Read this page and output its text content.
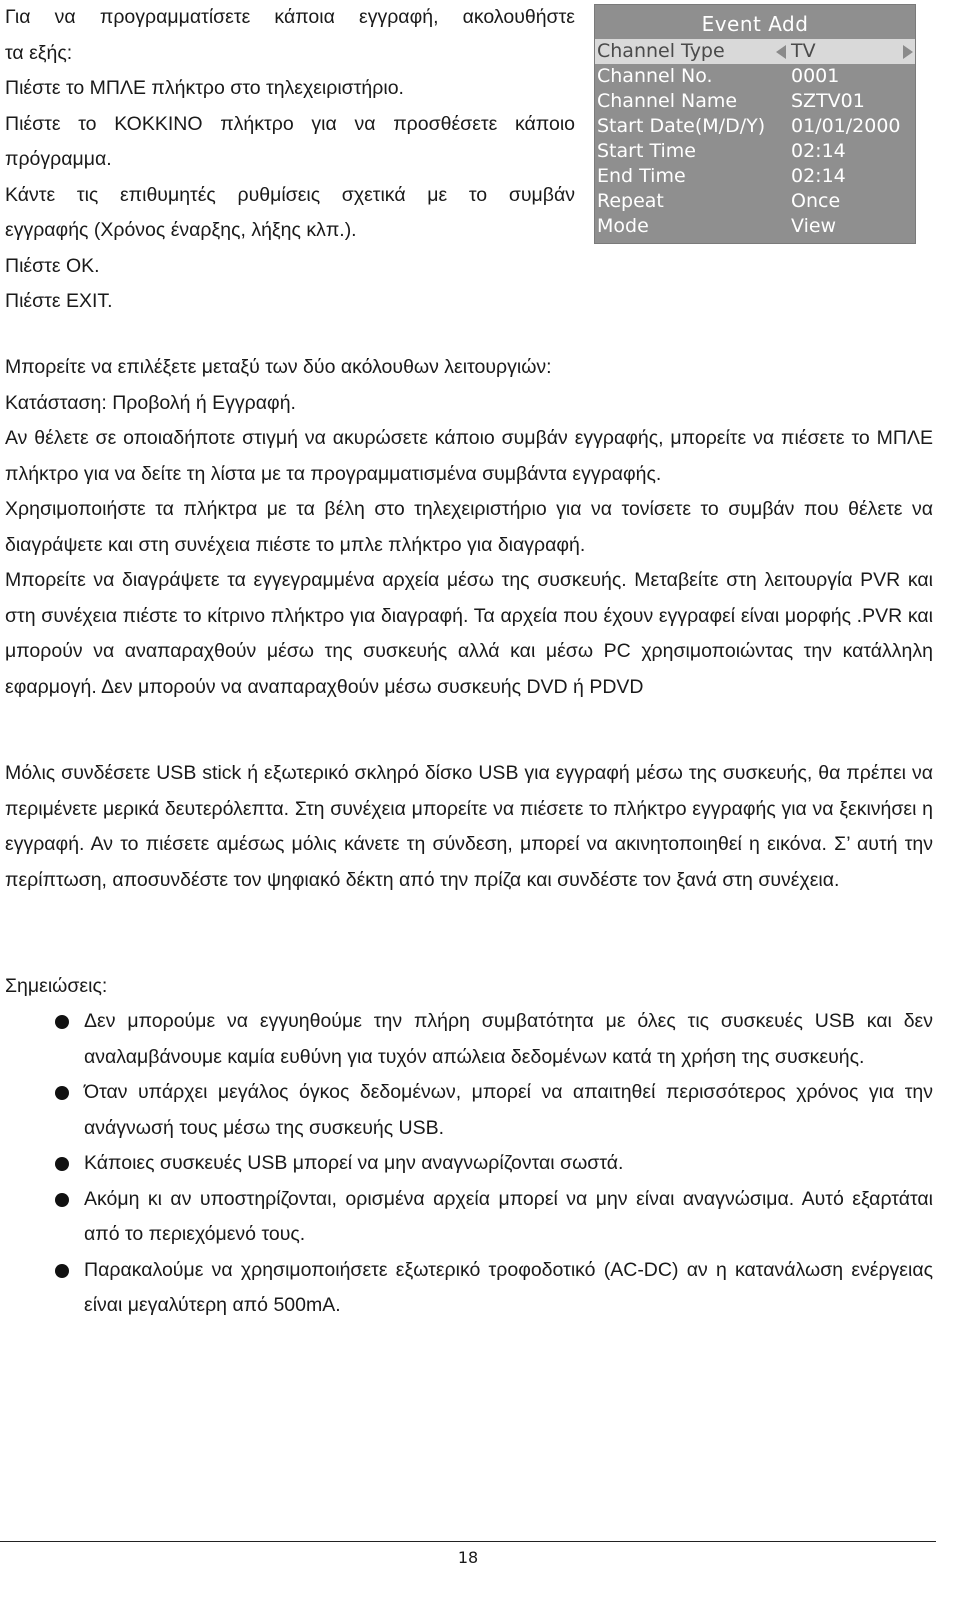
Για να προγραμματίσετε κάποια εγγραφή, ακολουθήστε
τα εξής:
Πιέστε το ΜΠΛΕ πλήκτρο στο τηλεχειριστήριο.
Πιέστε το ΚΟΚΚΙΝΟ πλήκτρο για να προσθέσετε κάποιο
πρόγραμμα.
Κάντε τις επιθυμητές ρυθμίσεις σχετικά με το συμβάν
εγγραφής (Χρόνος έναρξης, λήξης κλπ.).
Πιέστε ΟΚ.
Πιέστε EXIT.
Event Add
Channel Type	TV
Channel No.	0001
Channel Name	SZTV01
Start Date(M/D/Y) 01/01/2000
Start Time	02:14
End Time	02:14
Repeat	Once
Mode	View

Μπορείτε να επιλέξετε μεταξύ των δύο ακόλουθων λειτουργιών:

Κατάσταση: Προβολή ή Εγγραφή.

Αν θέλετε σε οποιαδήποτε στιγμή να ακυρώσετε κάποιο συμβάν εγγραφής, μπορείτε να πιέσετε το ΜΠΛΕ πλήκτρο για να δείτε τη λίστα με τα προγραμματισμένα συμβάντα εγγραφής.

Χρησιμοποιήστε τα πλήκτρα με τα βέλη στο τηλεχειριστήριο για να τονίσετε το συμβάν που θέλετε να διαγράψετε και στη συνέχεια πιέστε το μπλε πλήκτρο για διαγραφή.

Μπορείτε να διαγράψετε τα εγγεγραμμένα αρχεία μέσω της συσκευής. Μεταβείτε στη λειτουργία PVR και στη συνέχεια πιέστε το κίτρινο πλήκτρο για διαγραφή. Τα αρχεία που έχουν εγγραφεί είναι μορφής .PVR και μπορούν να αναπαραχθούν μέσω της συσκευής αλλά και μέσω PC χρησιμοποιώντας την κατάλληλη εφαρμογή. Δεν μπορούν να αναπαραχθούν μέσω συσκευής DVD ή PDVD

Μόλις συνδέσετε USB stick ή εξωτερικό σκληρό δίσκο USB για εγγραφή μέσω της συσκευής, θα πρέπει να περιμένετε μερικά δευτερόλεπτα. Στη συνέχεια μπορείτε να πιέσετε το πλήκτρο εγγραφής για να ξεκινήσει η εγγραφή. Αν το πιέσετε αμέσως μόλις κάνετε τη σύνδεση, μπορεί να ακινητοποιηθεί η εικόνα. Σ’ αυτή την περίπτωση, αποσυνδέστε τον ψηφιακό δέκτη από την πρίζα και συνδέστε τον ξανά στη συνέχεια.

Σημειώσεις:
Δεν μπορούμε να εγγυηθούμε την πλήρη συμβατότητα με όλες τις συσκευές USB και δεν αναλαμβάνουμε καμία ευθύνη για τυχόν απώλεια δεδομένων κατά τη χρήση της συσκευής.
Όταν υπάρχει μεγάλος όγκος δεδομένων, μπορεί να απαιτηθεί περισσότερος χρόνος για την ανάγνωσή τους μέσω της συσκευής USB.
Κάποιες συσκευές USB μπορεί να μην αναγνωρίζονται σωστά.
Ακόμη κι αν υποστηρίζονται, ορισμένα αρχεία μπορεί να μην είναι αναγνώσιμα. Αυτό εξαρτάται από το περιεχόμενό τους.
Παρακαλούμε να χρησιμοποιήσετε εξωτερικό τροφοδοτικό (AC-DC) αν η κατανάλωση ενέργειας είναι μεγαλύτερη από 500mA.
18
